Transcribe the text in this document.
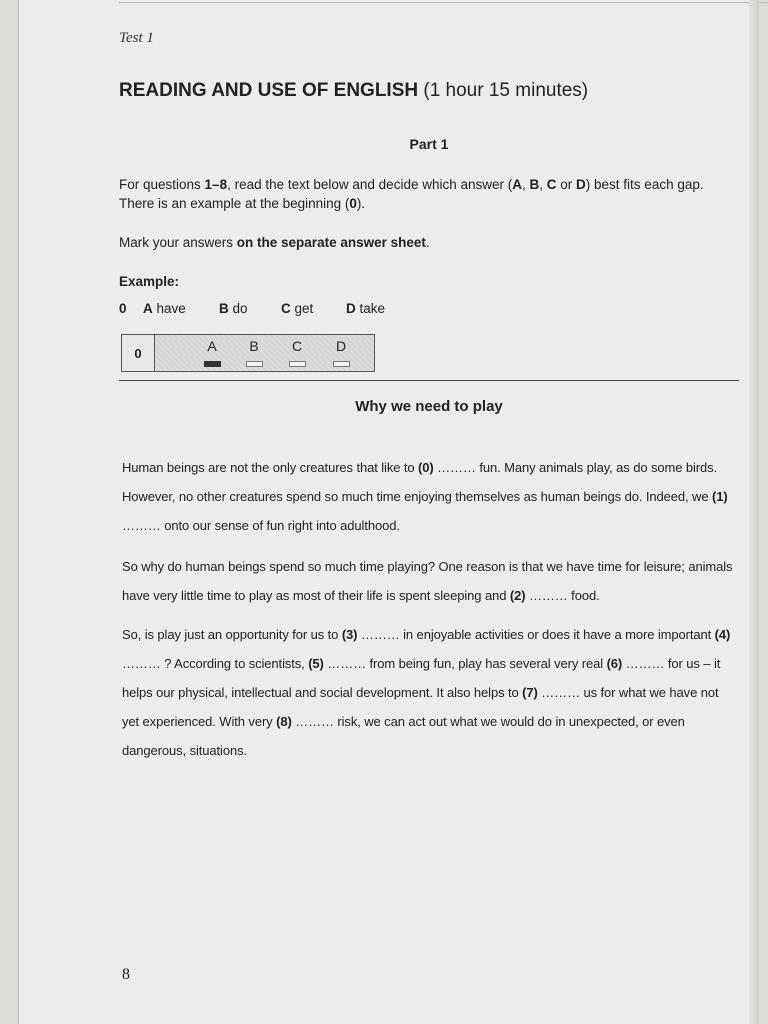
Test 1
READING AND USE OF ENGLISH (1 hour 15 minutes)
Part 1
For questions 1–8, read the text below and decide which answer (A, B, C or D) best fits each gap. There is an example at the beginning (0).
Mark your answers on the separate answer sheet.
Example:
0 A have B do C get D take
0	A	B	C	D
Why we need to play
Human beings are not the only creatures that like to (0) ……… fun. Many animals play, as do some birds. However, no other creatures spend so much time enjoying themselves as human beings do. Indeed, we (1) ……… onto our sense of fun right into adulthood.
So why do human beings spend so much time playing? One reason is that we have time for leisure; animals have very little time to play as most of their life is spent sleeping and (2) ……… food.
So, is play just an opportunity for us to (3) ……… in enjoyable activities or does it have a more important (4) ……… ? According to scientists, (5) ……… from being fun, play has several very real (6) ……… for us – it helps our physical, intellectual and social development. It also helps to (7) ……… us for what we have not yet experienced. With very (8) ……… risk, we can act out what we would do in unexpected, or even dangerous, situations.
8
